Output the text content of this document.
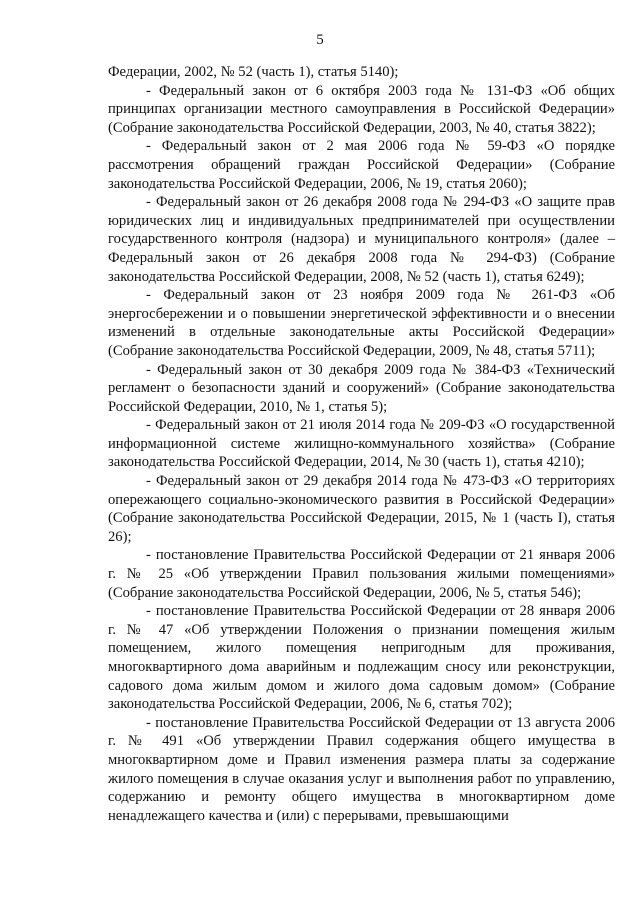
5

Федерации, 2002, № 52 (часть 1), статья 5140);

- Федеральный закон от 6 октября 2003 года № 131-ФЗ «Об общих принципах организации местного самоуправления в Российской Федерации» (Собрание законодательства Российской Федерации, 2003, № 40, статья 3822);

- Федеральный закон от 2 мая 2006 года № 59-ФЗ «О порядке рассмотрения обращений граждан Российской Федерации» (Собрание законодательства Российской Федерации, 2006, № 19, статья 2060);

- Федеральный закон от 26 декабря 2008 года № 294-ФЗ «О защите прав юридических лиц и индивидуальных предпринимателей при осуществлении государственного контроля (надзора) и муниципального контроля» (далее – Федеральный закон от 26 декабря 2008 года № 294-ФЗ) (Собрание законодательства Российской Федерации, 2008, № 52 (часть 1), статья 6249);

- Федеральный закон от 23 ноября 2009 года № 261-ФЗ «Об энергосбережении и о повышении энергетической эффективности и о внесении изменений в отдельные законодательные акты Российской Федерации» (Собрание законодательства Российской Федерации, 2009, № 48, статья 5711);

- Федеральный закон от 30 декабря 2009 года № 384-ФЗ «Технический регламент о безопасности зданий и сооружений» (Собрание законодательства Российской Федерации, 2010, № 1, статья 5);

- Федеральный закон от 21 июля 2014 года № 209-ФЗ «О государственной информационной системе жилищно-коммунального хозяйства» (Собрание законодательства Российской Федерации, 2014, № 30 (часть 1), статья 4210);

- Федеральный закон от 29 декабря 2014 года № 473-ФЗ «О территориях опережающего социально-экономического развития в Российской Федерации» (Собрание законодательства Российской Федерации, 2015, № 1 (часть I), статья 26);

- постановление Правительства Российской Федерации от 21 января 2006 г. № 25 «Об утверждении Правил пользования жилыми помещениями» (Собрание законодательства Российской Федерации, 2006, № 5, статья 546);

- постановление Правительства Российской Федерации от 28 января 2006 г. № 47 «Об утверждении Положения о признании помещения жилым помещением, жилого помещения непригодным для проживания, многоквартирного дома аварийным и подлежащим сносу или реконструкции, садового дома жилым домом и жилого дома садовым домом» (Собрание законодательства Российской Федерации, 2006, № 6, статья 702);

- постановление Правительства Российской Федерации от 13 августа 2006 г. № 491 «Об утверждении Правил содержания общего имущества в многоквартирном доме и Правил изменения размера платы за содержание жилого помещения в случае оказания услуг и выполнения работ по управлению, содержанию и ремонту общего имущества в многоквартирном доме ненадлежащего качества и (или) с перерывами, превышающими
